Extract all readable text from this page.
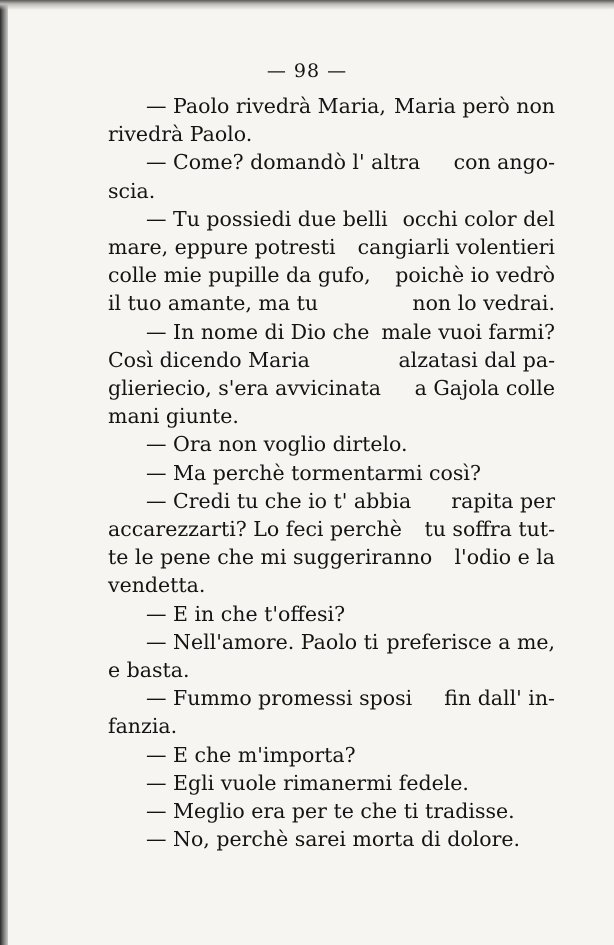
— 98 —
— Paolo rivedrà Maria, Maria però non
rivedrà Paolo.
— Come? domandò l' altra con ango-
scia.
— Tu possiedi due belli occhi color del
mare, eppure potresti cangiarli volentieri
colle mie pupille da gufo, poichè io vedrò
il tuo amante, ma tu	non lo vedrai.
— In nome di Dio che male vuoi farmi?
Così dicendo Maria	alzatasi dal pa-
glieriecio, s'era avvicinata a Gajola colle
mani giunte.
— Ora non voglio dirtelo.
— Ma perchè tormentarmi così?
— Credi tu che io t' abbia rapita per
accarezzarti? Lo feci perchè tu soffra tut-
te le pene che mi suggeriranno l'odio e la
vendetta.
— E in che t'offesi?
— Nell'amore. Paolo ti preferisce a me,
e basta.
— Fummo promessi sposi fin dall' in-
fanzia.
— E che m'importa?
— Egli vuole rimanermi fedele.
— Meglio era per te che ti tradisse.
— No, perchè sarei morta di dolore.
